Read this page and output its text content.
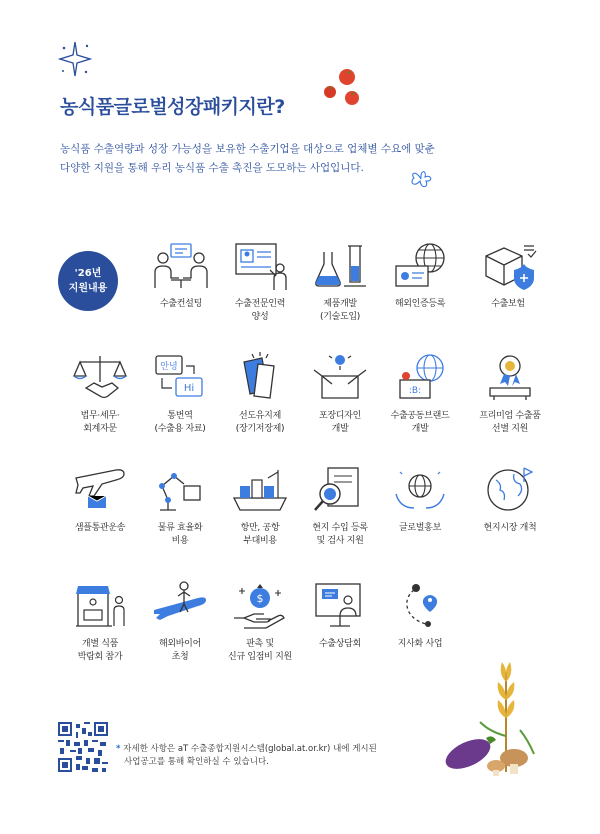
농식품글로벌성장패키지란?
농식품 수출역량과 성장 가능성을 보유한 수출기업을 대상으로 업체별 수요에 맞춘
다양한 지원을 통해 우리 농식품 수출 촉진을 도모하는 사업입니다.
'26년
지원내용
수출컨설팅	수출전문인력
양성
제품개발
(기술도입)
해외인증등록	수출보험
법무·세무·
회계자문
안녕
Hi
통번역
(수출용 자료)
선도유지제
(장기저장제)
포장디자인
개발
:B:
수출공동브랜드
개발
프리미엄 수출품
선별 지원
샘플통관운송	물류 효율화
비용
항만, 공항
부대비용
현지 수입 등록
및 검사 지원
글로벌홍보	현지시장 개척
개별 식품
박람회 참가
해외바이어
초청
$
판촉 및
신규 입점비 지원
수출상담회	지사화 사업
* 자세한 사항은 aT 수출종합지원시스템(global.at.or.kr) 내에 게시된
사업공고를 통해 확인하실 수 있습니다.
